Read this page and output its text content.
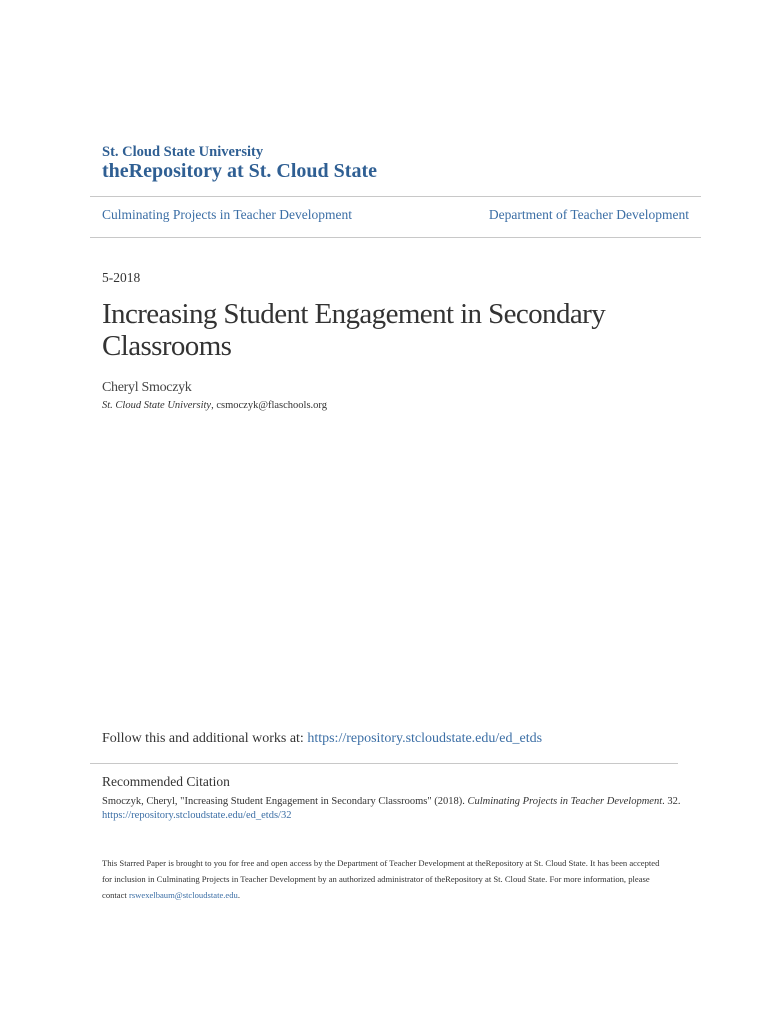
St. Cloud State University
theRepository at St. Cloud State
Culminating Projects in Teacher Development	Department of Teacher Development
5-2018
Increasing Student Engagement in Secondary Classrooms
Cheryl Smoczyk
St. Cloud State University, csmoczyk@flaschools.org
Follow this and additional works at: https://repository.stcloudstate.edu/ed_etds
Recommended Citation
Smoczyk, Cheryl, "Increasing Student Engagement in Secondary Classrooms" (2018). Culminating Projects in Teacher Development. 32.
https://repository.stcloudstate.edu/ed_etds/32
This Starred Paper is brought to you for free and open access by the Department of Teacher Development at theRepository at St. Cloud State. It has been accepted for inclusion in Culminating Projects in Teacher Development by an authorized administrator of theRepository at St. Cloud State. For more information, please contact rswexelbaum@stcloudstate.edu.
